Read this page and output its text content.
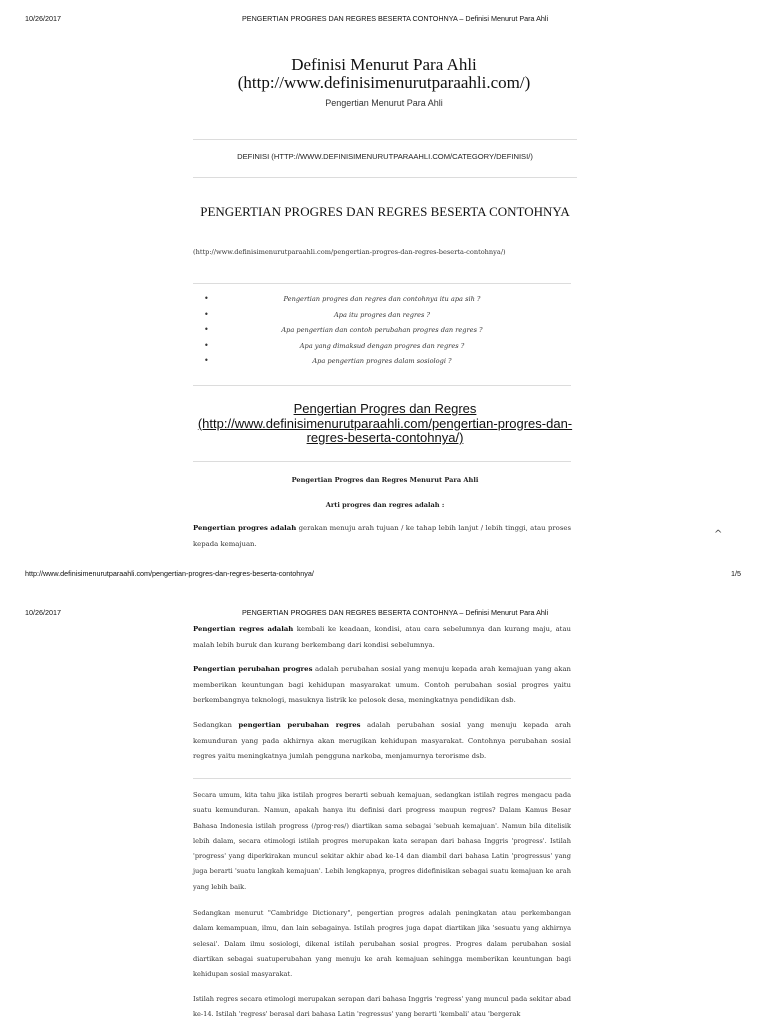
10/26/2017	PENGERTIAN PROGRES DAN REGRES BESERTA CONTOHNYA – Definisi Menurut Para Ahli
Definisi Menurut Para Ahli (http://www.definisimenurutparaahli.com/)
Pengertian Menurut Para Ahli
DEFINISI (HTTP://WWW.DEFINISIMENURUTPARAAHLI.COM/CATEGORY/DEFINISI/)
PENGERTIAN PROGRES DAN REGRES BESERTA CONTOHNYA
(http://www.definisimenurutparaahli.com/pengertian-progres-dan-regres-beserta-contohnya/)
• Pengertian progres dan regres dan contohnya itu apa sih ?
• Apa itu progres dan regres ?
• Apa pengertian dan contoh perubahan progres dan regres ?
• Apa yang dimaksud dengan progres dan regres ?
• Apa pengertian progres dalam sosiologi ?
Pengertian Progres dan Regres (http://www.definisimenurutparaahli.com/pengertian-progres-dan-regres-beserta-contohnya/)
Pengertian Progres dan Regres Menurut Para Ahli
Arti progres dan regres adalah :
Pengertian progres adalah gerakan menuju arah tujuan / ke tahap lebih lanjut / lebih tinggi, atau proses kepada kemajuan.
^
http://www.definisimenurutparaahli.com/pengertian-progres-dan-regres-beserta-contohnya/	1/5
10/26/2017	PENGERTIAN PROGRES DAN REGRES BESERTA CONTOHNYA – Definisi Menurut Para Ahli
Pengertian regres adalah kembali ke keadaan, kondisi, atau cara sebelumnya dan kurang maju, atau malah lebih buruk dan kurang berkembang dari kondisi sebelumnya.
Pengertian perubahan progres adalah perubahan sosial yang menuju kepada arah kemajuan yang akan memberikan keuntungan bagi kehidupan masyarakat umum. Contoh perubahan sosial progres yaitu berkembangnya teknologi, masuknya listrik ke pelosok desa, meningkatnya pendidikan dsb.
Sedangkan pengertian perubahan regres adalah perubahan sosial yang menuju kepada arah kemunduran yang pada akhirnya akan merugikan kehidupan masyarakat. Contohnya perubahan sosial regres yaitu meningkatnya jumlah pengguna narkoba, menjamurnya terorisme dsb.
Secara umum, kita tahu jika istilah progres berarti sebuah kemajuan, sedangkan istilah regres mengacu pada suatu kemunduran. Namun, apakah hanya itu definisi dari progress maupun regres? Dalam Kamus Besar Bahasa Indonesia istilah progress (/prog·res/) diartikan sama sebagai 'sebuah kemajuan'. Namun bila ditelisik lebih dalam, secara etimologi istilah progres merupakan kata serapan dari bahasa Inggris 'progress'. Istilah 'progress' yang diperkirakan muncul sekitar akhir abad ke-14 dan diambil dari bahasa Latin 'progressus' yang juga berarti 'suatu langkah kemajuan'. Lebih lengkapnya, progres didefinisikan sebagai suatu kemajuan ke arah yang lebih baik.
Sedangkan menurut "Cambridge Dictionary", pengertian progres adalah peningkatan atau perkembangan dalam kemampuan, ilmu, dan lain sebagainya. Istilah progres juga dapat diartikan jika 'sesuatu yang akhirnya selesai'. Dalam ilmu sosiologi, dikenal istilah perubahan sosial progres. Progres dalam perubahan sosial diartikan sebagai suatuperubahan yang menuju ke arah kemajuan sehingga memberikan keuntungan bagi kehidupan sosial masyarakat.
Istilah regres secara etimologi merupakan serapan dari bahasa Inggris 'regress' yang muncul pada sekitar abad ke-14. Istilah 'regress' berasal dari bahasa Latin 'regressus' yang berarti 'kembali' atau 'bergerak
